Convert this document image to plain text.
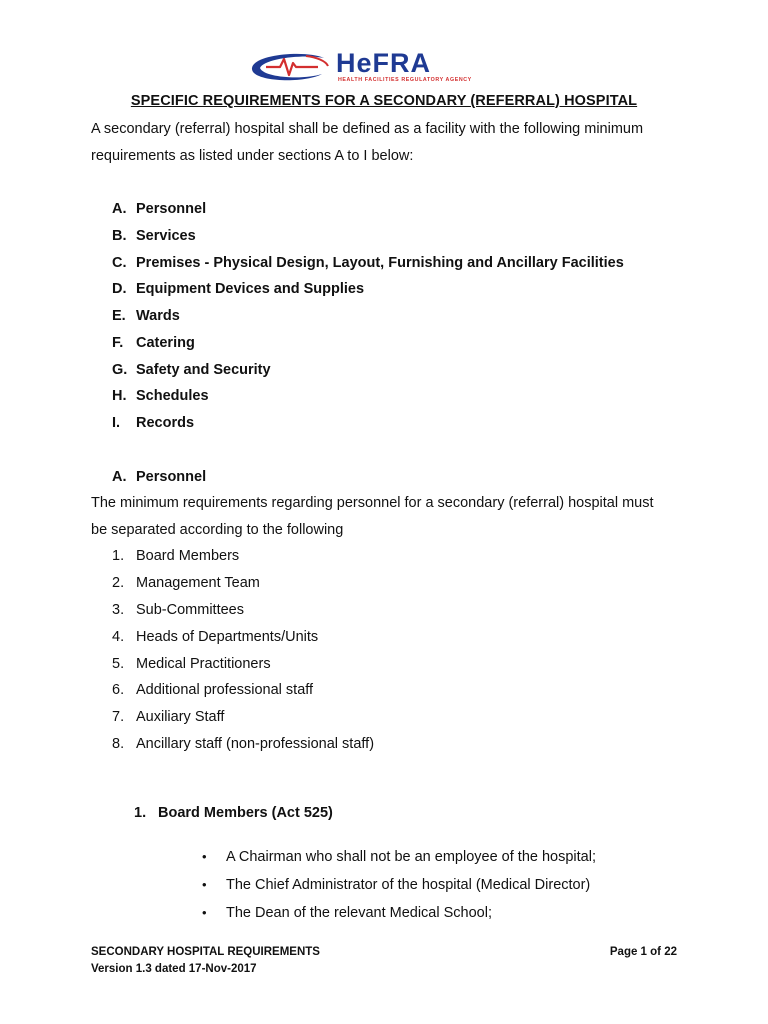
HeFRA
HEALTH FACILITIES REGULATORY AGENCY
SPECIFIC REQUIREMENTS FOR A SECONDARY (REFERRAL) HOSPITAL
A secondary (referral) hospital shall be defined as a facility with the following minimum
requirements as listed under sections A to I below:
A. Personnel
B. Services
C. Premises - Physical Design, Layout, Furnishing and Ancillary Facilities
D. Equipment Devices and Supplies
E. Wards
F. Catering
G. Safety and Security
H. Schedules
I. Records
A. Personnel
The minimum requirements regarding personnel for a secondary (referral) hospital must
be separated according to the following
1. Board Members
2. Management Team
3. Sub-Committees
4. Heads of Departments/Units
5. Medical Practitioners
6. Additional professional staff
7. Auxiliary Staff
8. Ancillary staff (non-professional staff)
1. Board Members (Act 525)
• A Chairman who shall not be an employee of the hospital;
• The Chief Administrator of the hospital (Medical Director)
• The Dean of the relevant Medical School;
SECONDARY HOSPITAL REQUIREMENTS
Version 1.3 dated 17-Nov-2017
Page 1 of 22
